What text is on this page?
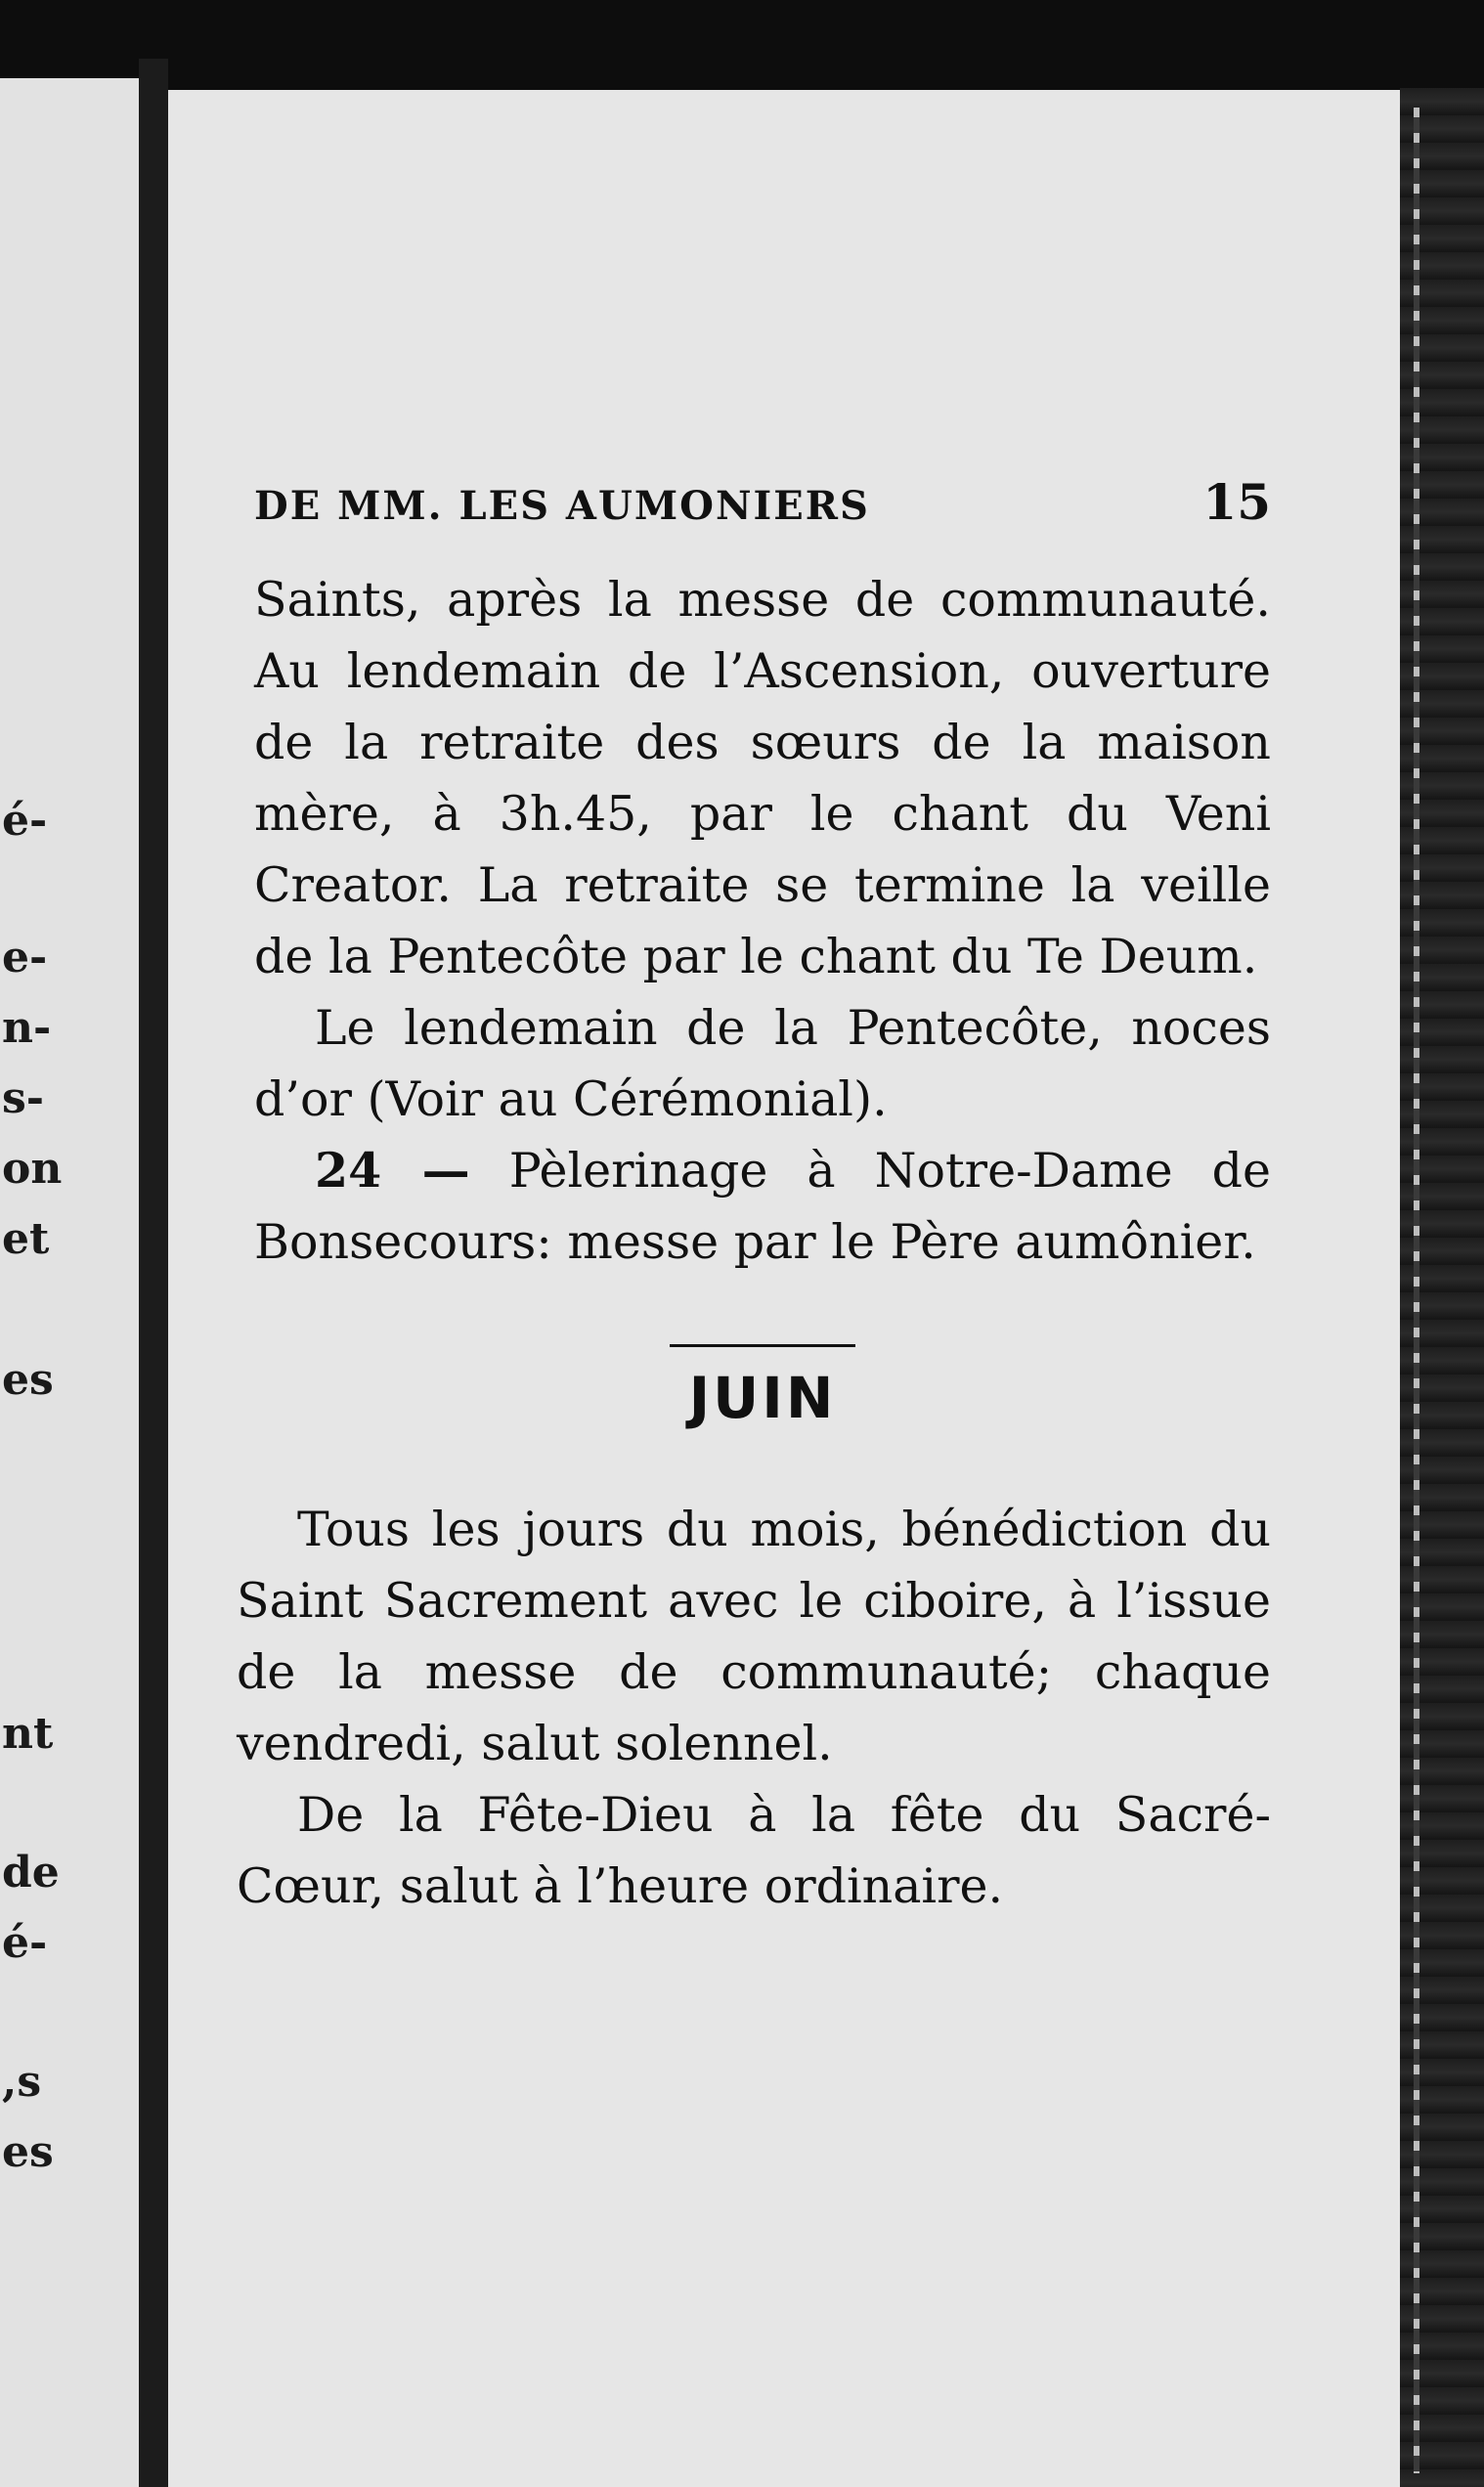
é-
e-
n-
s-
on
et
es
nt
de
é-
,s
es
DE MM. LES AUMONIERS	15

Saints, après la messe de communauté. Au lendemain de l’Ascension, ouverture de la retraite des sœurs de la maison mère, à 3h.45, par le chant du Veni Creator. La retraite se termine la veille de la Pentecôte par le chant du Te Deum.

Le lendemain de la Pentecôte, noces d’or (Voir au Cérémonial).

24 — Pèlerinage à Notre-Dame de Bonsecours: messe par le Père aumônier.

JUIN

Tous les jours du mois, bénédiction du Saint Sacrement avec le ciboire, à l’issue de la messe de communauté; chaque vendredi, salut solennel.

De la Fête-Dieu à la fête du Sacré-Cœur, salut à l’heure ordinaire.
